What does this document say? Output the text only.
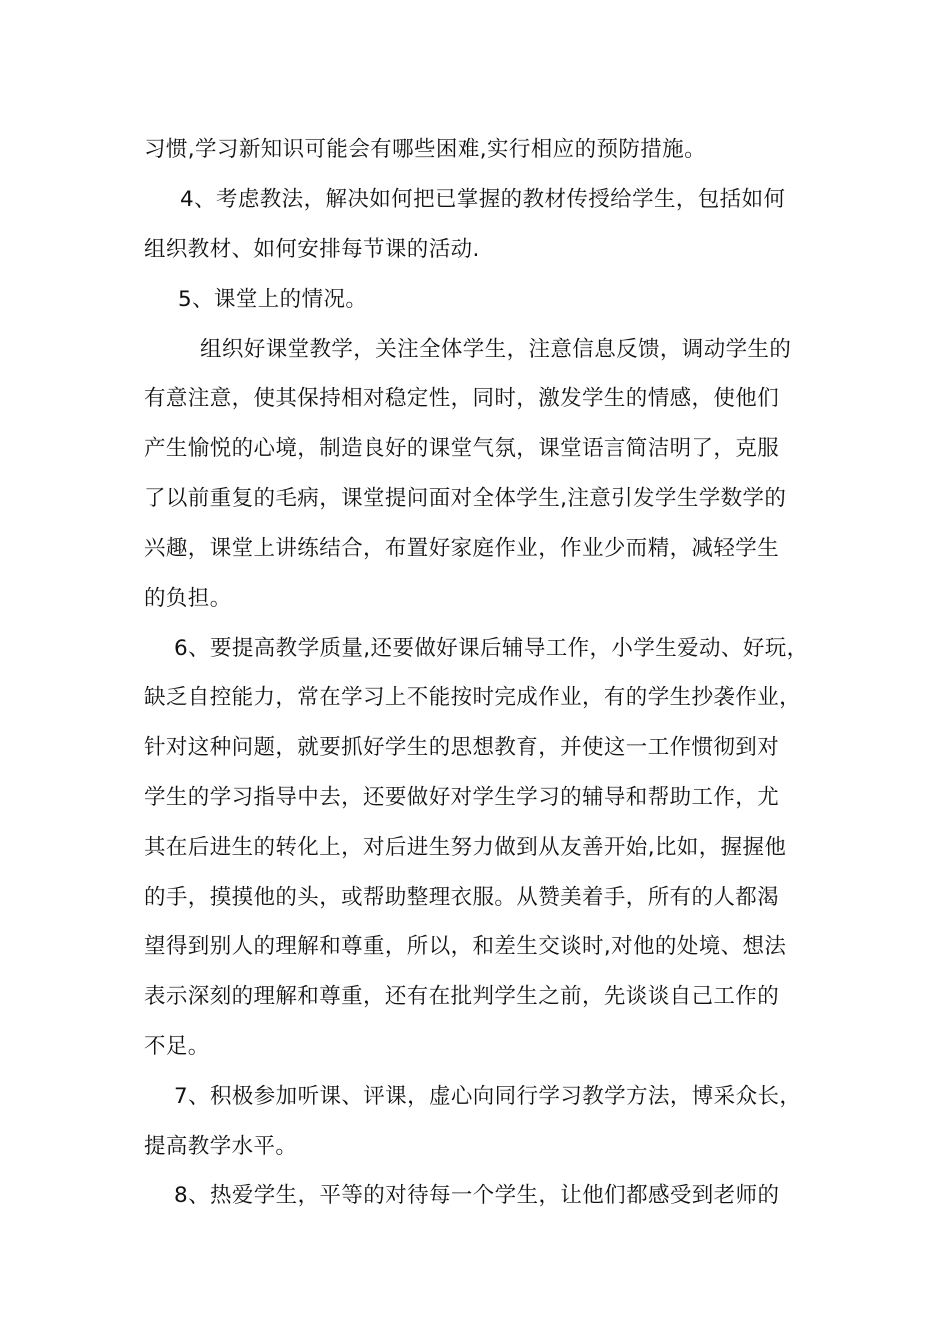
习惯,学习新知识可能会有哪些困难,实行相应的预防措施。
4、考虑教法，解决如何把已掌握的教材传授给学生，包括如何
组织教材、如何安排每节课的活动.
5、课堂上的情况。
组织好课堂教学，关注全体学生，注意信息反馈，调动学生的
有意注意，使其保持相对稳定性，同时，激发学生的情感，使他们
产生愉悦的心境，制造良好的课堂气氛，课堂语言简洁明了，克服
了以前重复的毛病，课堂提问面对全体学生,注意引发学生学数学的
兴趣，课堂上讲练结合，布置好家庭作业，作业少而精，减轻学生
的负担。
6、要提高教学质量,还要做好课后辅导工作，小学生爱动、好玩，
缺乏自控能力，常在学习上不能按时完成作业，有的学生抄袭作业，
针对这种问题，就要抓好学生的思想教育，并使这一工作惯彻到对
学生的学习指导中去，还要做好对学生学习的辅导和帮助工作，尤
其在后进生的转化上，对后进生努力做到从友善开始,比如，握握他
的手，摸摸他的头，或帮助整理衣服。从赞美着手，所有的人都渴
望得到别人的理解和尊重，所以，和差生交谈时,对他的处境、想法
表示深刻的理解和尊重，还有在批判学生之前，先谈谈自己工作的
不足。
7、积极参加听课、评课，虚心向同行学习教学方法，博采众长，
提高教学水平。
8、热爱学生，平等的对待每一个学生，让他们都感受到老师的
